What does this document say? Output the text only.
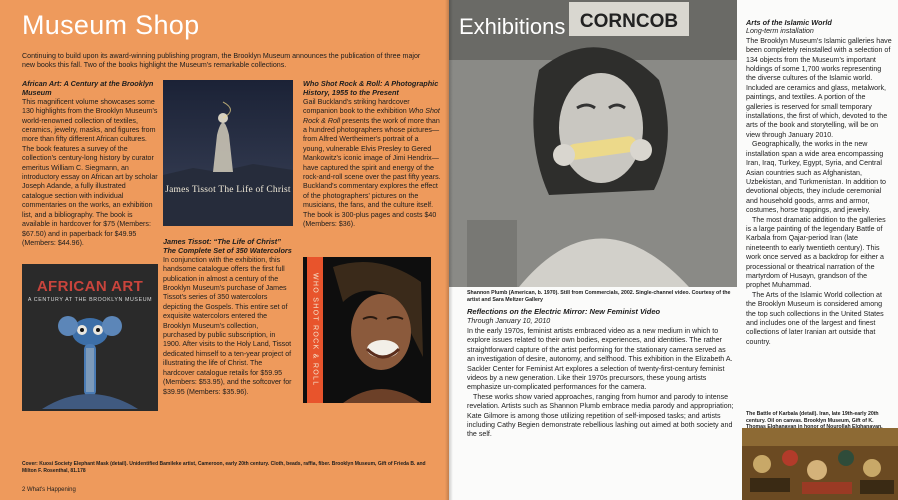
Museum Shop

Continuing to build upon its award-winning publishing program, the Brooklyn Museum announces the publication of three major new books this fall. Two of the books highlight the Museum's remarkable collections.

African Art: A Century at the Brooklyn Museum

This magnificent volume showcases some 130 highlights from the Brooklyn Museum's world-renowned collection of textiles, ceramics, jewelry, masks, and figures from more than fifty different African cultures. The book features a survey of the collection's century-long history by curator emeritus William C. Siegmann, an introductory essay on African art by scholar Joseph Adande, a fully illustrated catalogue section with individual commentaries on the works, an exhibition list, and a bibliography. The book is available in hardcover for $75 (Members: $67.50) and in paperback for $49.95 (Members: $44.96).

James Tissot The Life of Christ
James Tissot: “The Life of Christ” The Complete Set of 350 Watercolors

In conjunction with the exhibition, this handsome catalogue offers the first full publication in almost a century of the Brooklyn Museum's purchase of James Tissot's series of 350 watercolors depicting the Gospels. This entire set of exquisite watercolors entered the Brooklyn Museum's collection, purchased by public subscription, in 1900. After visits to the Holy Land, Tissot dedicated himself to a ten-year project of illustrating the life of Christ. The hardcover catalogue retails for $59.95 (Members: $53.95), and the softcover for $39.95 (Members: $35.96).

Who Shot Rock & Roll: A Photographic History, 1955 to the Present

Gail Buckland's striking hardcover companion book to the exhibition Who Shot Rock & Roll presents the work of more than a hundred photographers whose pictures—from Alfred Wertheimer's portrait of a young, vulnerable Elvis Presley to Gered Mankowitz's iconic image of Jimi Hendrix—have captured the spirit and energy of the rock-and-roll scene over the past fifty years. Buckland's commentary explores the effect of the photographers' pictures on the musicians, the fans, and the culture itself. The book is 300-plus pages and costs $40 (Members: $36).

AFRICAN ART
A CENTURY AT THE BROOKLYN MUSEUM	WHO SHOT ROCK & ROLL

Cover: Kuosi Society Elephant Mask (detail). Unidentified Bamileke artist, Cameroon, early 20th century. Cloth, beads, raffia, fiber. Brooklyn Museum, Gift of Frieda B. and Milton F. Rosenthal, 81.178

2 What's Happening
CORNCOB
Exhibitions

Shannon Plumb (American, b. 1970). Still from Commercials, 2002. Single-channel video. Courtesy of the artist and Sara Meltzer Gallery

Reflections on the Electric Mirror: New Feminist Video
Through January 10, 2010

In the early 1970s, feminist artists embraced video as a new medium in which to explore issues related to their own bodies, experiences, and identities. The rather straightforward capture of the artist performing for the stationary camera served as an investigation of desire, autonomy, and selfhood. This exhibition in the Elizabeth A. Sackler Center for Feminist Art explores a selection of twenty-first-century feminist videos by a new generation. Like their 1970s precursors, these young artists emphasize un-complicated performances for the camera.

These works show varied approaches, ranging from humor and parody to intense revelation. Artists such as Shannon Plumb embrace media parody and appropriation; Kate Gilmore is among those utilizing repetition of self-imposed tasks; and artists including Cathy Begien demonstrate rebellious lashing out aimed at both society and the self.

Arts of the Islamic World
Long-term installation

The Brooklyn Museum's Islamic galleries have been completely reinstalled with a selection of 134 objects from the Museum's important holdings of some 1,700 works representing the diverse cultures of the Islamic world. Included are ceramics and glass, metalwork, paintings, and textiles. A portion of the galleries is reserved for small temporary installations, the first of which, devoted to the arts of the book and storytelling, will be on view through January 2010.

Geographically, the works in the new installation span a wide area encompassing Iran, Iraq, Turkey, Egypt, Syria, and Central Asian countries such as Afghanistan, Uzbekistan, and Turkmenistan. In addition to devotional objects, they include ceremonial and household goods, arms and armor, costumes, horse trappings, and jewelry.

The most dramatic addition to the galleries is a large painting of the legendary Battle of Karbala from Qajar-period Iran (late nineteenth to early twentieth century). This work once served as a backdrop for either a processional or theatrical narration of the martyrdom of Husayn, grandson of the prophet Muhammad.

The Arts of the Islamic World collection at the Brooklyn Museum is considered among the top such collections in the United States and includes one of the largest and finest collections of later Iranian art outside that country.

The Battle of Karbala (detail). Iran, late 19th-early 20th century. Oil on canvas. Brooklyn Museum, Gift of K.
